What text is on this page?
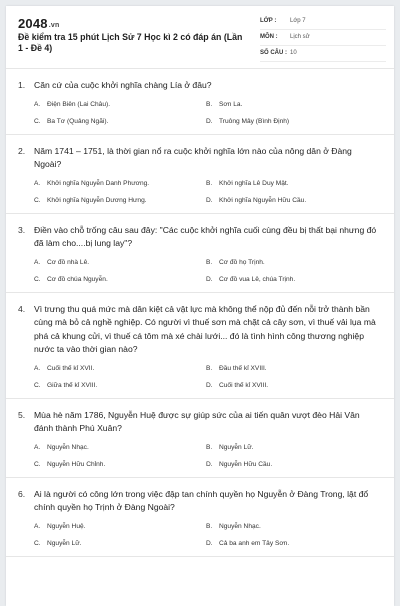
2048.vn
Đề kiểm tra 15 phút Lịch Sử 7 Học kì 2 có đáp án (Lần 1 - Đề 4)
LỚP : Lớp 7
MÔN : Lịch sử
SỐ CÂU : 10
1.	Căn cứ của cuộc khởi nghĩa chàng Lía ở đâu?
A.	Điện Biên (Lai Châu).	B.	Sơn La.
C. Ba Tơ (Quảng Ngãi).	D. Truông Mây (Bình Định)
2.	Năm 1741 – 1751, là thời gian nổ ra cuộc khởi nghĩa lớn nào của nông dân ở Đàng Ngoài?
A.	Khởi nghĩa Nguyễn Danh Phương.	B.	Khởi nghĩa Lê Duy Mật.
C. Khởi nghĩa Nguyễn Dương Hưng.	D. Khởi nghĩa Nguyễn Hữu Cầu.
3.	Điền vào chỗ trống câu sau đây: "Các cuộc khởi nghĩa cuối cùng đều bị thất bại nhưng đó đã làm cho....bị lung lay"?
A.	Cơ đồ nhà Lê.	B.	Cơ đồ họ Trịnh.
C. Cơ đồ chúa Nguyễn.	D. Cơ đồ vua Lê, chúa Trịnh.
4.	Vì trưng thu quá mức mà dân kiệt cả vật lực mà không thể nộp đủ đến nỗi trở thành bần cùng mà bỏ cả nghề nghiệp. Có người vì thuế sơn mà chặt cả cây sơn, vì thuế vải lụa mà phá cả khung cửi, vì thuế cá tôm mà xé chài lưới... đó là tình hình công thương nghiệp nước ta vào thời gian nào?
A.	Cuối thế kỉ XVII.	B.	Đầu thế kỉ XVIII.
C. Giữa thế kỉ XVIII.	D. Cuối thế kỉ XVIII.
5.	Mùa hè năm 1786, Nguyễn Huệ được sự giúp sức của ai tiến quân vượt đèo Hải Vân đánh thành Phú Xuân?
A.	Nguyễn Nhạc.	B.	Nguyễn Lữ.
C. Nguyễn Hữu Chỉnh.	D. Nguyễn Hữu Cầu.
6.	Ai là người có công lớn trong việc đập tan chính quyền họ Nguyễn ở Đàng Trong, lật đổ chính quyền họ Trịnh ở Đàng Ngoài?
A.	Nguyễn Huệ.	B.	Nguyễn Nhạc.
C. Nguyễn Lữ.	D. Cả ba anh em Tây Sơn.
